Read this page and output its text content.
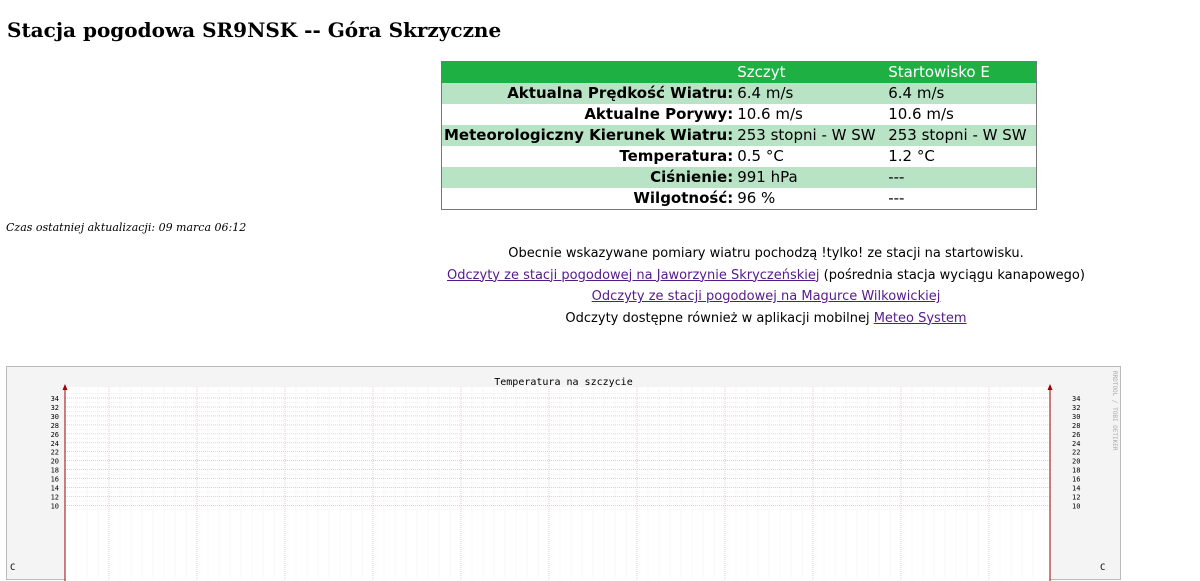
Stacja pogodowa SR9NSK -- Góra Skrzyczne
	Szczyt	Startowisko E
Aktualna Prędkość Wiatru:	6.4 m/s	6.4 m/s
Aktualne Porywy:	10.6 m/s	10.6 m/s
Meteorologiczny Kierunek Wiatru:	253 stopni - W SW	253 stopni - W SW
Temperatura:	0.5 °C	1.2 °C
Ciśnienie:	991 hPa	---
Wilgotność:	96 %	---
Czas ostatniej aktualizacji: 09 marca 06:12
Obecnie wskazywane pomiary wiatru pochodzą !tylko! ze stacji na startowisku.
Odczyty ze stacji pogodowej na Jaworzynie Skryczeńskiej (pośrednia stacja wyciągu kanapowego)
Odczyty ze stacji pogodowej na Magurce Wilkowickiej
Odczyty dostępne również w aplikacji mobilnej Meteo System
34	34
32	32
30	30
28	28
26	26
24	24
22	22
20	20
18	18
16	16
14	14
12	12
10	10
Temperatura na szczycie	RRDTOOL / TOBI OETIKER
C	C
